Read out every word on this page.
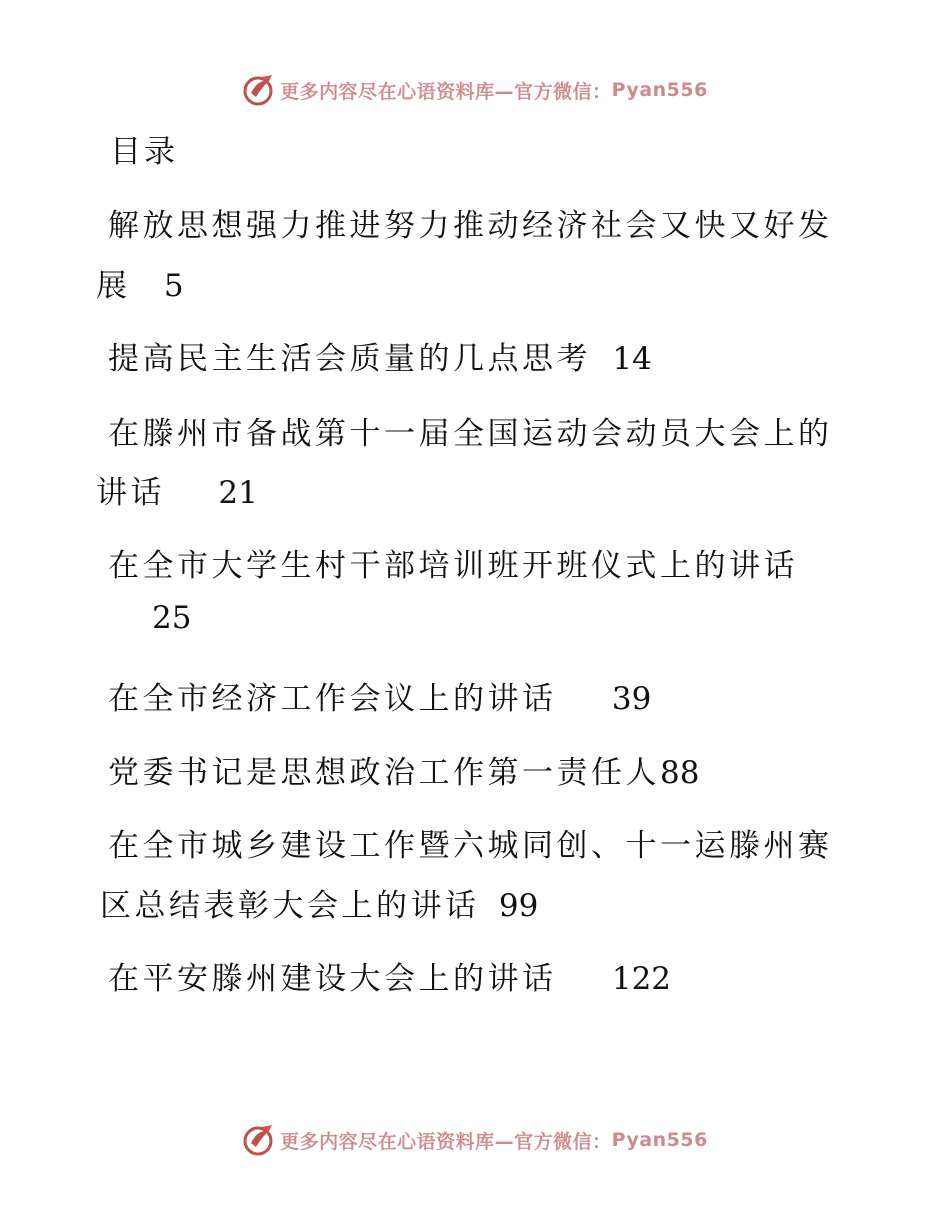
更多内容尽在心语资料库—官方微信： Pyan556
目录
解放思想强力推进努力推动经济社会又快又好发
展 5
提高民主生活会质量的几点思考 14
在滕州市备战第十一届全国运动会动员大会上的
讲话 21
在全市大学生村干部培训班开班仪式上的讲话
25
在全市经济工作会议上的讲话 39
党委书记是思想政治工作第一责任人88
在全市城乡建设工作暨六城同创、十一运滕州赛
区总结表彰大会上的讲话 99
在平安滕州建设大会上的讲话 122
更多内容尽在心语资料库—官方微信： Pyan556
